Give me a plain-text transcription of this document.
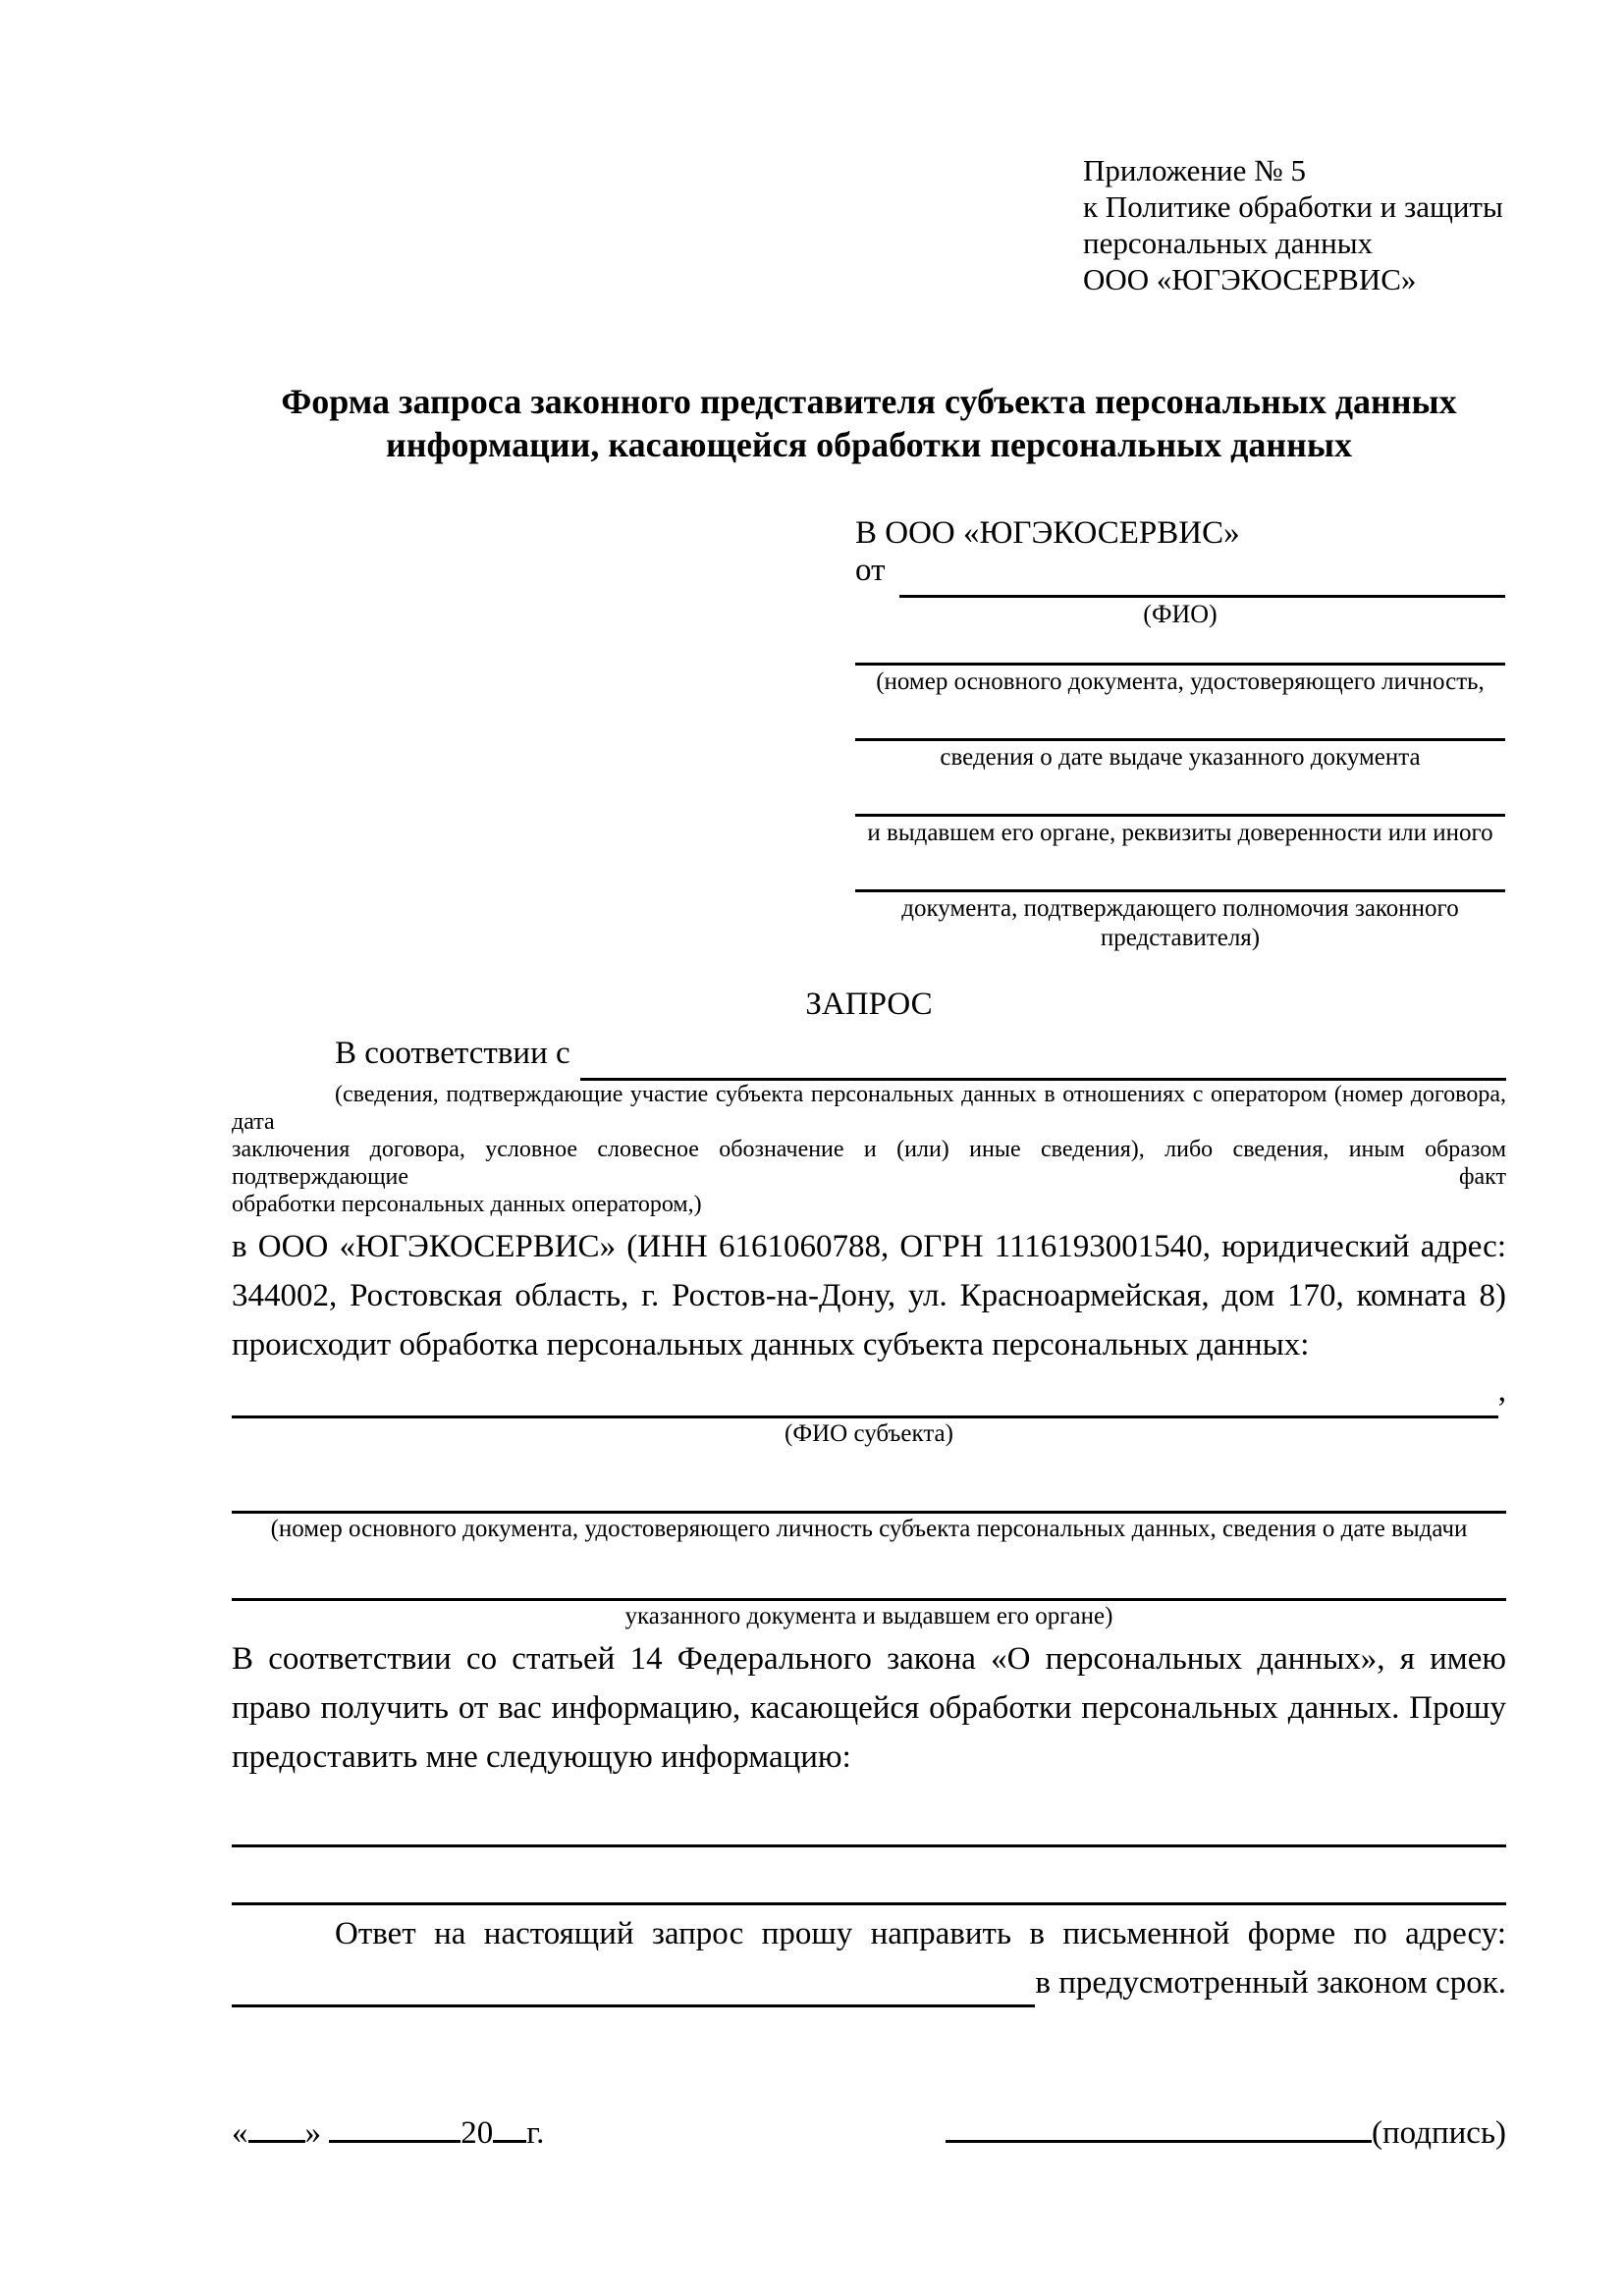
Приложение № 5
к Политике обработки и защиты
персональных данных
ООО «ЮГЭКОСЕРВИС»
Форма запроса законного представителя субъекта персональных данных
информации, касающейся обработки персональных данных
В ООО «ЮГЭКОСЕРВИС»
от
(ФИО)
(номер основного документа, удостоверяющего личность,
сведения о дате выдаче указанного документа
и выдавшем его органе, реквизиты доверенности или иного
документа, подтверждающего полномочия законного представителя)
ЗАПРОС
В соответствии с
(сведения, подтверждающие участие субъекта персональных данных в отношениях с оператором (номер договора, дата
заключения договора, условное словесное обозначение и (или) иные сведения), либо сведения, иным образом подтверждающие факт
обработки персональных данных оператором,)
в ООО «ЮГЭКОСЕРВИС» (ИНН 6161060788, ОГРН 1116193001540, юридический адрес:
344002, Ростовская область, г. Ростов-на-Дону, ул. Красноармейская, дом 170, комната 8)
происходит обработка персональных данных субъекта персональных данных:
,
(ФИО субъекта)
(номер основного документа, удостоверяющего личность субъекта персональных данных, сведения о дате выдачи
указанного документа и выдавшем его органе)
В соответствии со статьей 14 Федерального закона «О персональных данных», я имею
право получить от вас информацию, касающейся обработки персональных данных. Прошу
предоставить мне следующую информацию:
Ответ на настоящий запрос прошу направить в письменной форме по адресу:
в предусмотренный законом срок.
« »	20 г.	(подпись)
